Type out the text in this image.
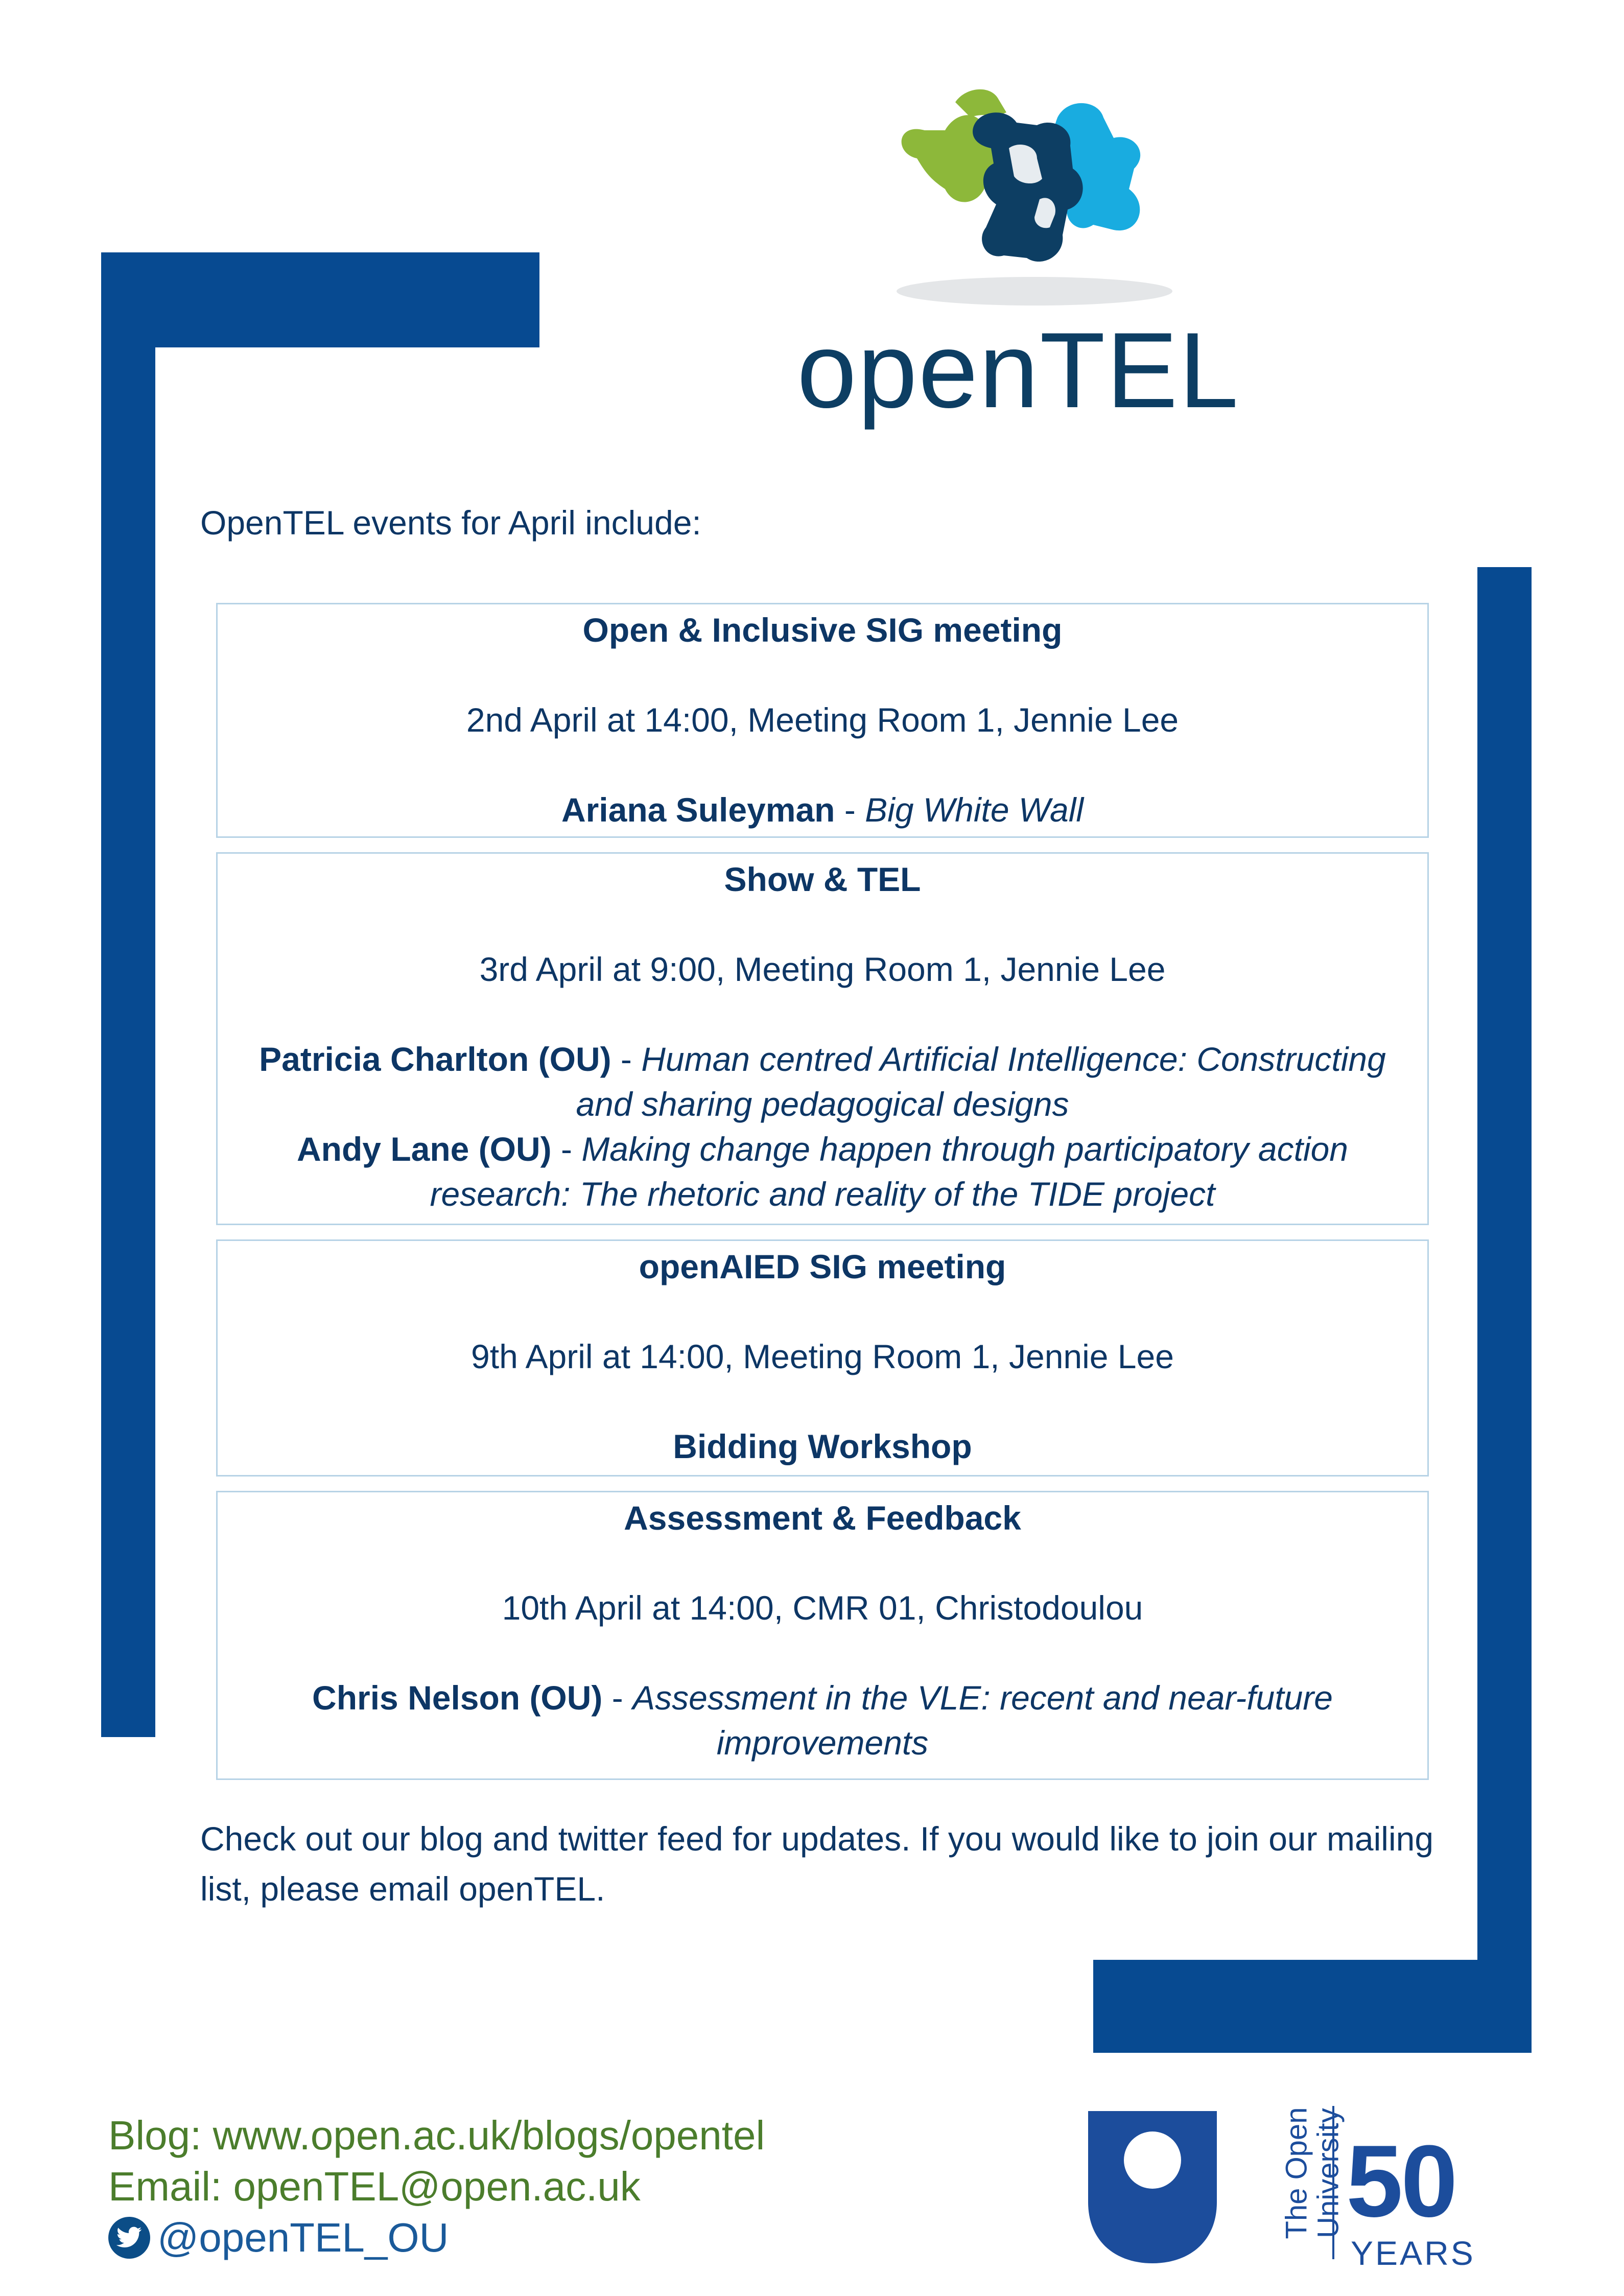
openTEL

OpenTEL events for April include:

Open & Inclusive SIG meeting
2nd April at 14:00, Meeting Room 1, Jennie Lee

Ariana Suleyman - Big White Wall

Show & TEL
3rd April at 9:00, Meeting Room 1, Jennie Lee

Patricia Charlton (OU) - Human centred Artificial Intelligence: Constructing and sharing pedagogical designs

Andy Lane (OU) - Making change happen through participatory action research: The rhetoric and reality of the TIDE project

openAIED SIG meeting
9th April at 14:00, Meeting Room 1, Jennie Lee

Bidding Workshop

Assessment & Feedback
10th April at 14:00, CMR 01, Christodoulou

Chris Nelson (OU) - Assessment in the VLE: recent and near-future improvements

Check out our blog and twitter feed for updates. If you would like to join our mailing list, please email openTEL.

Blog: www.open.ac.uk/blogs/opentel
Email: openTEL@open.ac.uk
@openTEL_OU	The Open
University 50
YEARS
